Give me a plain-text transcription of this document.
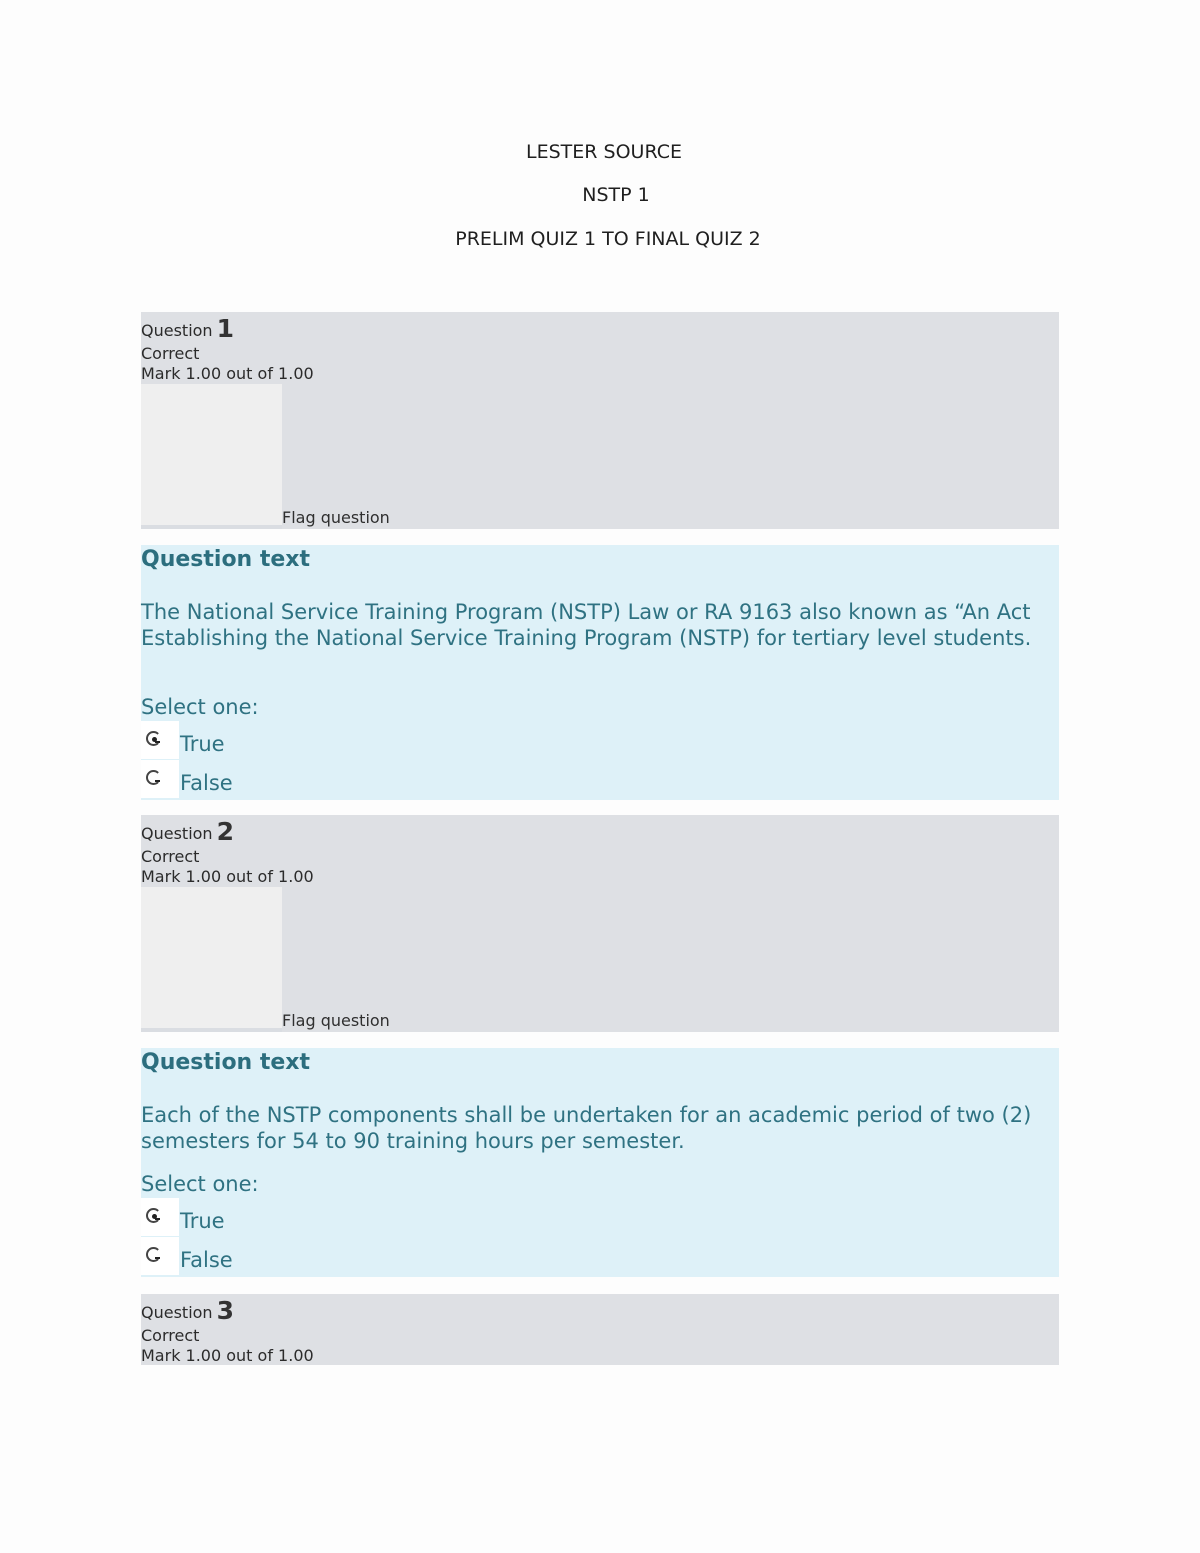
LESTER SOURCE
NSTP 1
PRELIM QUIZ 1 TO FINAL QUIZ 2
Question 1
Correct
Mark 1.00 out of 1.00
Flag question
Question text
The National Service Training Program (NSTP) Law or RA 9163 also known as “An Act Establishing the National Service Training Program (NSTP) for tertiary level students.
Select one:
True
False
Question 2
Correct
Mark 1.00 out of 1.00
Flag question
Question text
Each of the NSTP components shall be undertaken for an academic period of two (2) semesters for 54 to 90 training hours per semester.
Select one:
True
False
Question 3
Correct
Mark 1.00 out of 1.00
